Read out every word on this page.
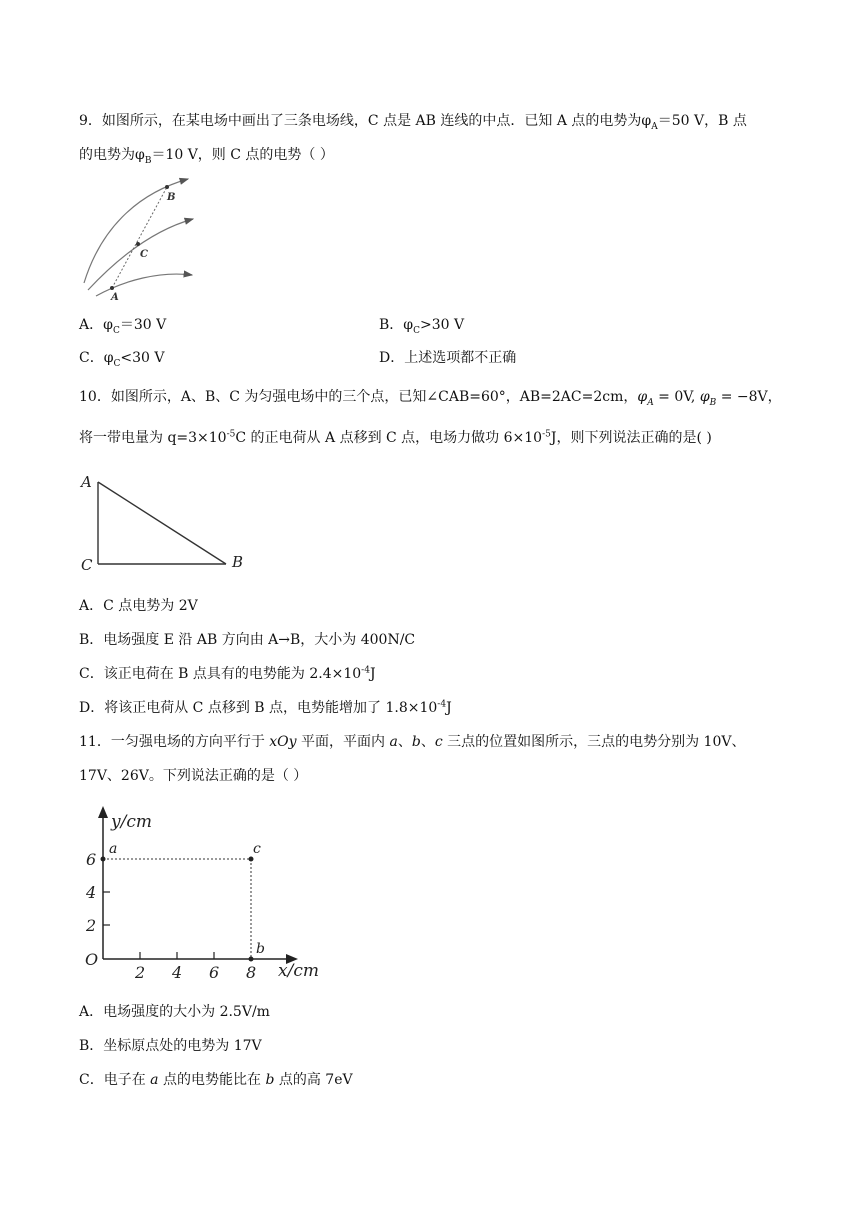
9．如图所示，在某电场中画出了三条电场线，C 点是 AB 连线的中点．已知 A 点的电势为$\varphi_A=50$ V，B 点
的电势为$\varphi_B=10$ V，则 C 点的电势（ ）
A
B
C
A．$\varphi_C=30$ V	B．$\varphi_C>30$ V
C．$\varphi_C<30$ V	D．上述选项都不正确
10．如图所示，A、B、C 为匀强电场中的三个点，已知∠CAB=60°，AB=2AC=2cm，$\varphi_A = 0V$, $\varphi_B = -8V$，
将一带电量为 $q=3\times 10^{-5}C$ 的正电荷从 A 点移到 C 点，电场力做功 $6\times 10^{-5}J$，则下列说法正确的是( )
A
C	B
A．C 点电势为 2V
B．电场强度 E 沿 AB 方向由 A→B，大小为 400N/C
C．该正电荷在 B 点具有的电势能为 $2.4\times 10^{-4}J$
D．将该正电荷从 C 点移到 B 点，电势能增加了 $1.8\times 10^{-4}J$
11．一匀强电场的方向平行于 xOy 平面，平面内 a、b、c 三点的位置如图所示，三点的电势分别为 10V、
17V、26V。下列说法正确的是（ ）
y/cm
x/cm
O
6
4
2
2 4 6 8
a	c
b
A．电场强度的大小为 2.5V/m
B．坐标原点处的电势为 17V
C．电子在 a 点的电势能比在 b 点的高 7eV
